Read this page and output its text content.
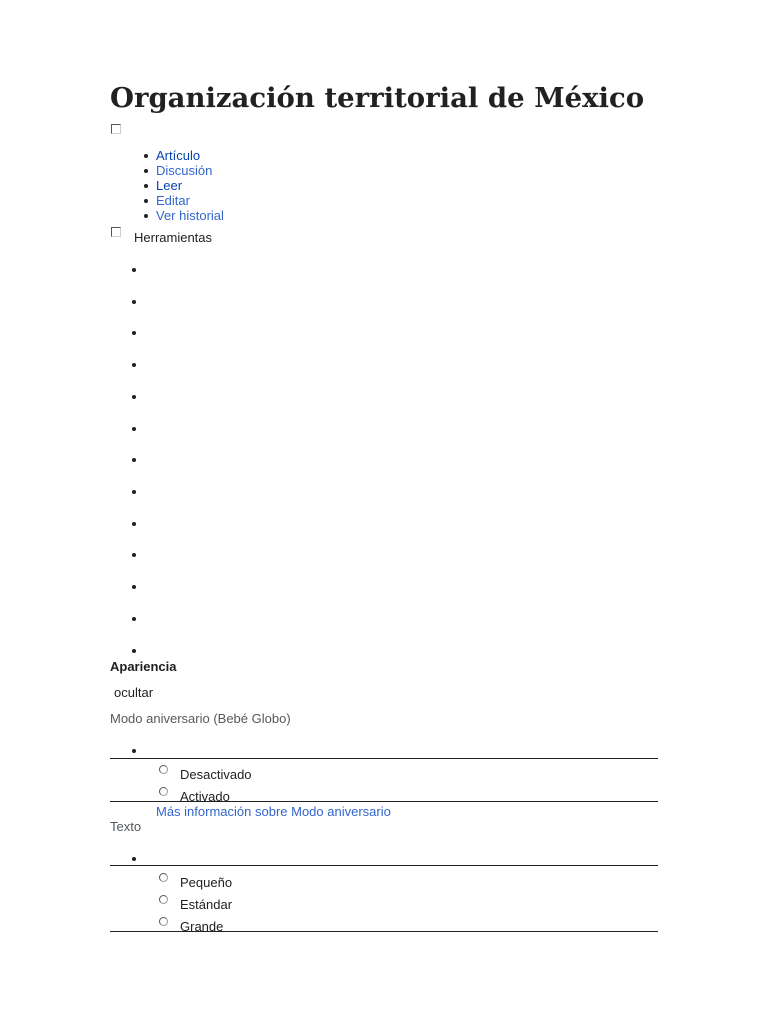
Organización territorial de México
Artículo
Discusión
Leer
Editar
Ver historial
Herramientas
Apariencia
ocultar
Modo aniversario (Bebé Globo)
Desactivado
Activado
Más información sobre Modo aniversario
Texto
Pequeño
Estándar
Grande
